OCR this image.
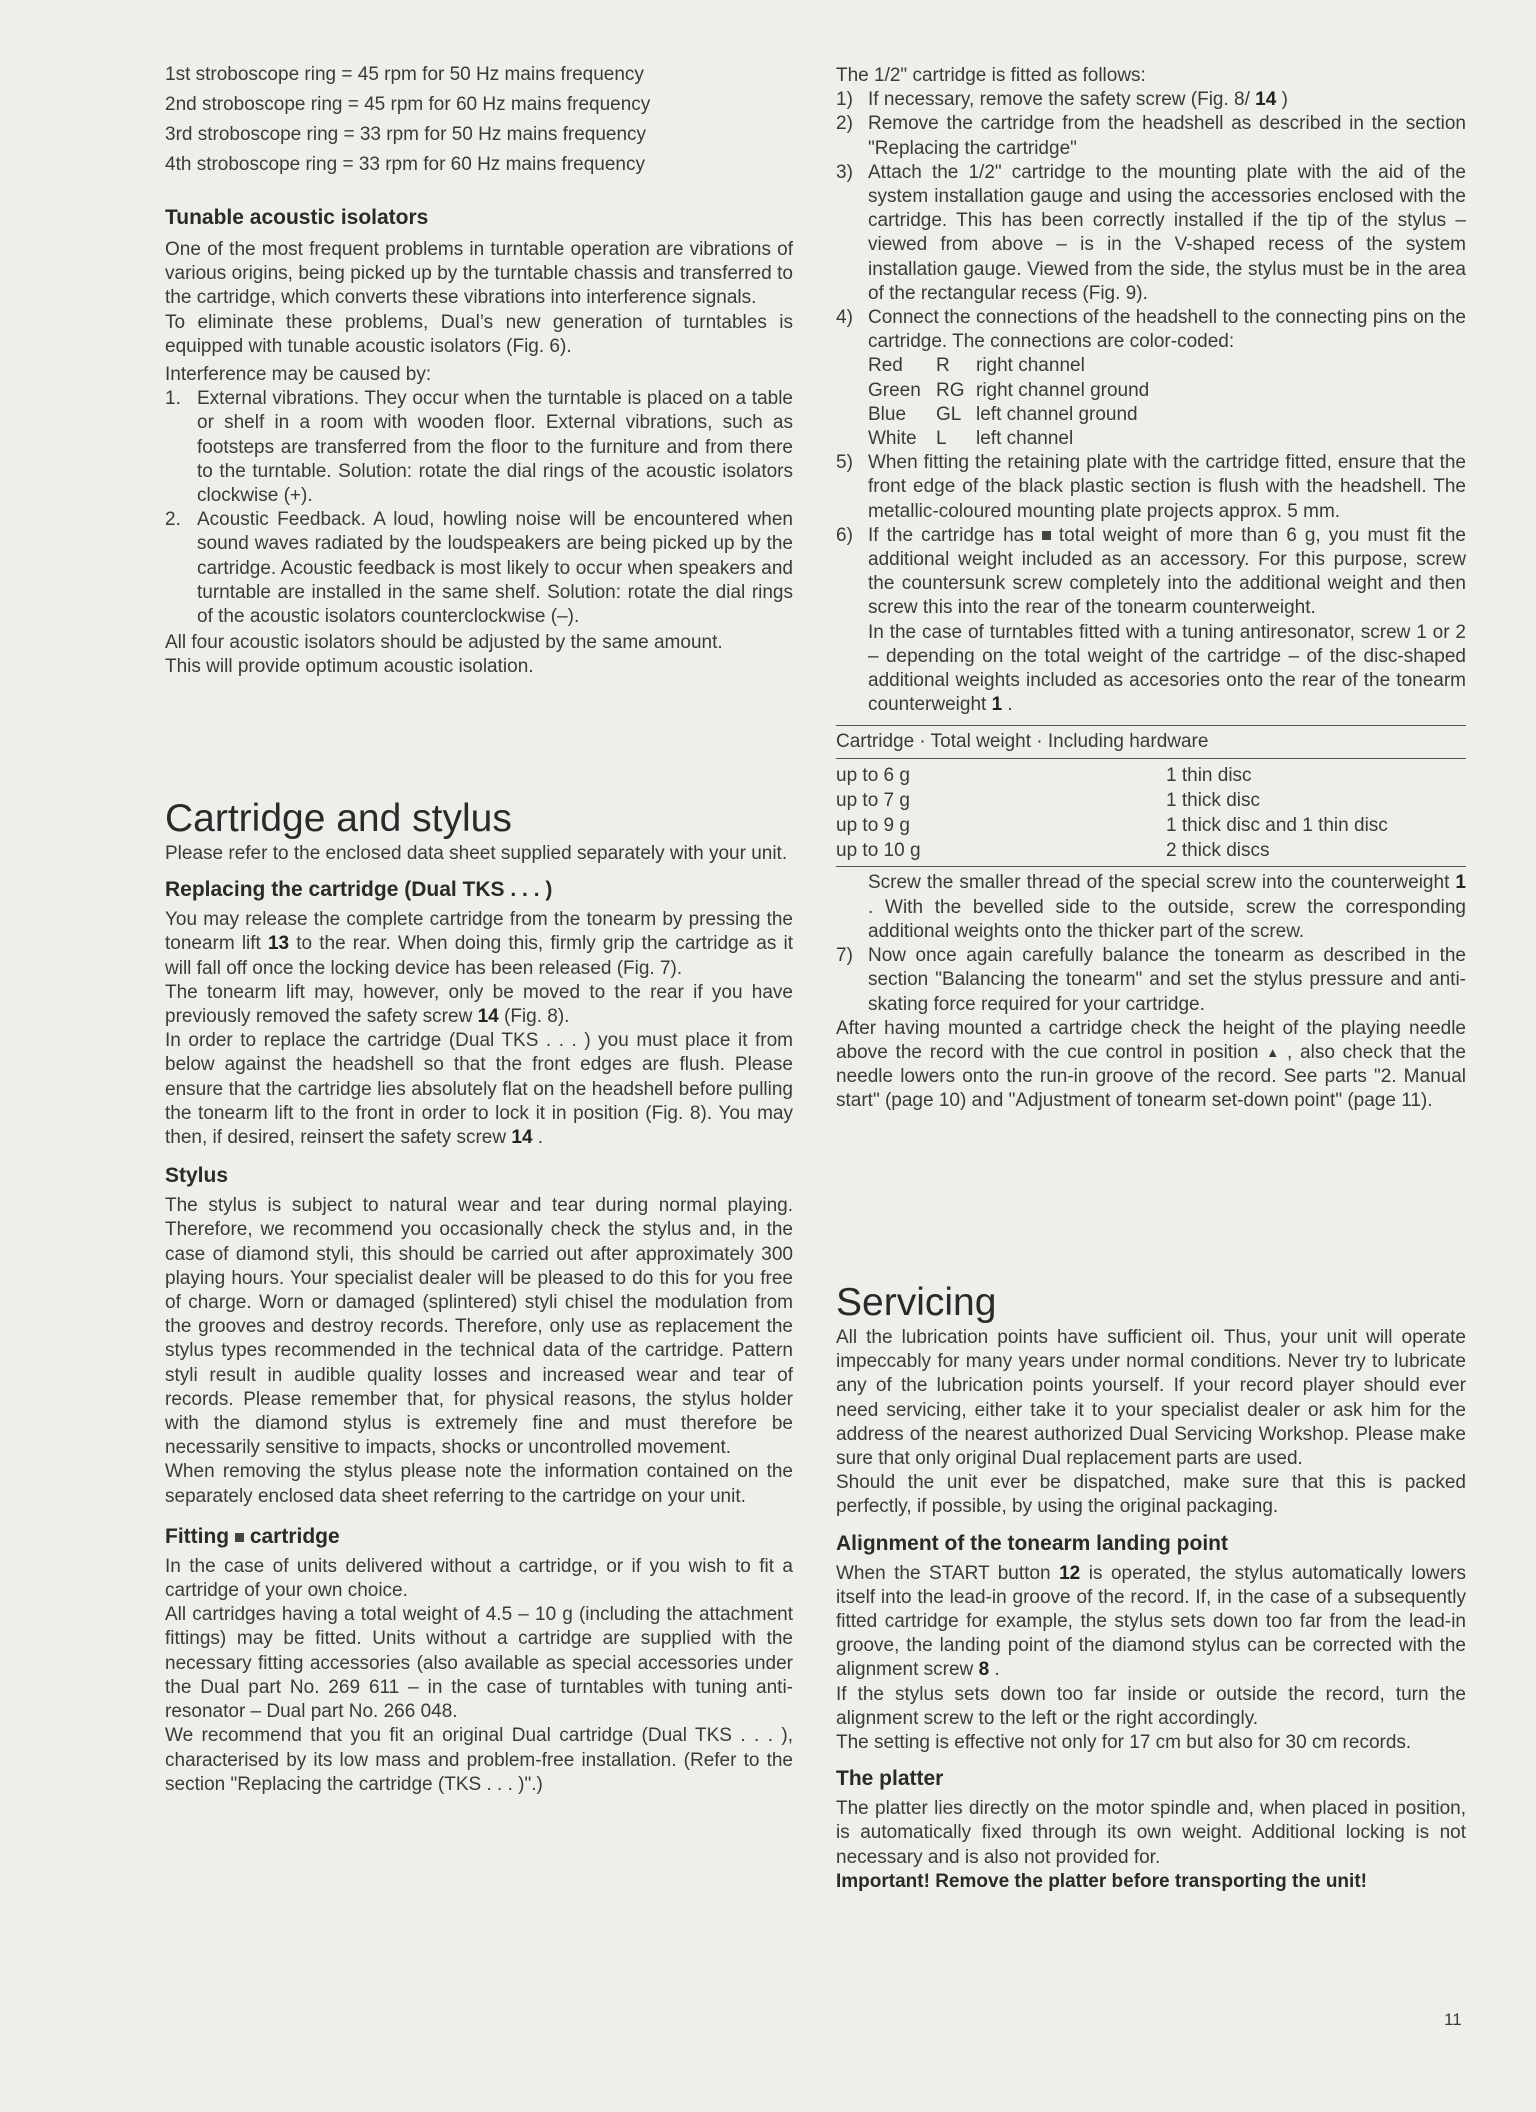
1st stroboscope ring = 45 rpm for 50 Hz mains frequency

2nd stroboscope ring = 45 rpm for 60 Hz mains frequency

3rd stroboscope ring = 33 rpm for 50 Hz mains frequency

4th stroboscope ring = 33 rpm for 60 Hz mains frequency

Tunable acoustic isolators

One of the most frequent problems in turntable operation are vibrations of various origins, being picked up by the turntable chassis and transferred to the cartridge, which converts these vibrations into interference signals.

To eliminate these problems, Dual’s new generation of turntables is equipped with tunable acoustic isolators (Fig. 6).

Interference may be caused by:

1. External vibrations. They occur when the turntable is placed on a table or shelf in a room with wooden floor. External vibrations, such as footsteps are transferred from the floor to the furniture and from there to the turntable. Solution: rotate the dial rings of the acoustic isolators clockwise (+).

2. Acoustic Feedback. A loud, howling noise will be encountered when sound waves radiated by the loudspeakers are being picked up by the cartridge. Acoustic feedback is most likely to occur when speakers and turntable are installed in the same shelf. Solution: rotate the dial rings of the acoustic isolators counterclockwise (–).

All four acoustic isolators should be adjusted by the same amount.

This will provide optimum acoustic isolation.

Cartridge and stylus

Please refer to the enclosed data sheet supplied separately with your unit.

Replacing the cartridge (Dual TKS . . . )

You may release the complete cartridge from the tonearm by pressing the tonearm lift 13 to the rear. When doing this, firmly grip the cartridge as it will fall off once the locking device has been released (Fig. 7).

The tonearm lift may, however, only be moved to the rear if you have previously removed the safety screw 14 (Fig. 8).

In order to replace the cartridge (Dual TKS . . . ) you must place it from below against the headshell so that the front edges are flush. Please ensure that the cartridge lies absolutely flat on the headshell before pulling the tonearm lift to the front in order to lock it in position (Fig. 8). You may then, if desired, reinsert the safety screw 14 .

Stylus

The stylus is subject to natural wear and tear during normal playing. Therefore, we recommend you occasionally check the stylus and, in the case of diamond styli, this should be carried out after approximately 300 playing hours. Your specialist dealer will be pleased to do this for you free of charge. Worn or damaged (splintered) styli chisel the modulation from the grooves and destroy records. Therefore, only use as replacement the stylus types recommended in the technical data of the cartridge. Pattern styli result in audible quality losses and increased wear and tear of records. Please remember that, for physical reasons, the stylus holder with the diamond stylus is extremely fine and must therefore be necessarily sensitive to impacts, shocks or uncontrolled movement.

When removing the stylus please note the information contained on the separately enclosed data sheet referring to the cartridge on your unit.

Fitting  cartridge

In the case of units delivered without a cartridge, or if you wish to fit a cartridge of your own choice.

All cartridges having a total weight of 4.5 – 10 g (including the attachment fittings) may be fitted. Units without a cartridge are supplied with the necessary fitting accessories (also available as special accessories under the Dual part No. 269 611 – in the case of turntables with tuning anti-resonator – Dual part No. 266 048.

We recommend that you fit an original Dual cartridge (Dual TKS . . . ), characterised by its low mass and problem-free installation. (Refer to the section "Replacing the cartridge (TKS . . . )".)

The 1/2" cartridge is fitted as follows:

1) If necessary, remove the safety screw (Fig. 8/ 14 )

2) Remove the cartridge from the headshell as described in the section "Replacing the cartridge"

3) Attach the 1/2" cartridge to the mounting plate with the aid of the system installation gauge and using the accessories enclosed with the cartridge. This has been correctly installed if the tip of the stylus – viewed from above – is in the V-shaped recess of the system installation gauge. Viewed from the side, the stylus must be in the area of the rectangular recess (Fig. 9).

4) Connect the connections of the headshell to the connecting pins on the cartridge. The connections are color-coded:

Red	R	right channel
Green RG right channel ground
Blue	GL left channel ground
White	L	left channel
5) When fitting the retaining plate with the cartridge fitted, ensure that the front edge of the black plastic section is flush with the headshell. The metallic-coloured mounting plate projects approx. 5 mm.

6) If the cartridge has  total weight of more than 6 g, you must fit the additional weight included as an accessory. For this purpose, screw the countersunk screw completely into the additional weight and then screw this into the rear of the tonearm counterweight.

In the case of turntables fitted with a tuning antiresonator, screw 1 or 2 – depending on the total weight of the cartridge – of the disc-shaped additional weights included as accesories onto the rear of the tonearm counterweight 1 .

Cartridge · Total weight · Including hardware	
up to 6 g	1 thin disc
up to 7 g	1 thick disc
up to 9 g	1 thick disc and 1 thin disc
up to 10 g	2 thick discs

Screw the smaller thread of the special screw into the counterweight 1 . With the bevelled side to the outside, screw the corresponding additional weights onto the thicker part of the screw.

7) Now once again carefully balance the tonearm as described in the section "Balancing the tonearm" and set the stylus pressure and anti-skating force required for your cartridge.

After having mounted a cartridge check the height of the playing needle above the record with the cue control in position ▲ , also check that the needle lowers onto the run-in groove of the record. See parts "2. Manual start" (page 10) and "Adjustment of tonearm set-down point" (page 11).

Servicing

All the lubrication points have sufficient oil. Thus, your unit will operate impeccably for many years under normal conditions. Never try to lubricate any of the lubrication points yourself. If your record player should ever need servicing, either take it to your specialist dealer or ask him for the address of the nearest authorized Dual Servicing Workshop. Please make sure that only original Dual replacement parts are used.

Should the unit ever be dispatched, make sure that this is packed perfectly, if possible, by using the original packaging.

Alignment of the tonearm landing point

When the START button 12 is operated, the stylus automatically lowers itself into the lead-in groove of the record. If, in the case of a subsequently fitted cartridge for example, the stylus sets down too far from the lead-in groove, the landing point of the diamond stylus can be corrected with the alignment screw 8 .

If the stylus sets down too far inside or outside the record, turn the alignment screw to the left or the right accordingly.

The setting is effective not only for 17 cm but also for 30 cm records.

The platter

The platter lies directly on the motor spindle and, when placed in position, is automatically fixed through its own weight. Additional locking is not necessary and is also not provided for.

Important! Remove the platter before transporting the unit!

11
